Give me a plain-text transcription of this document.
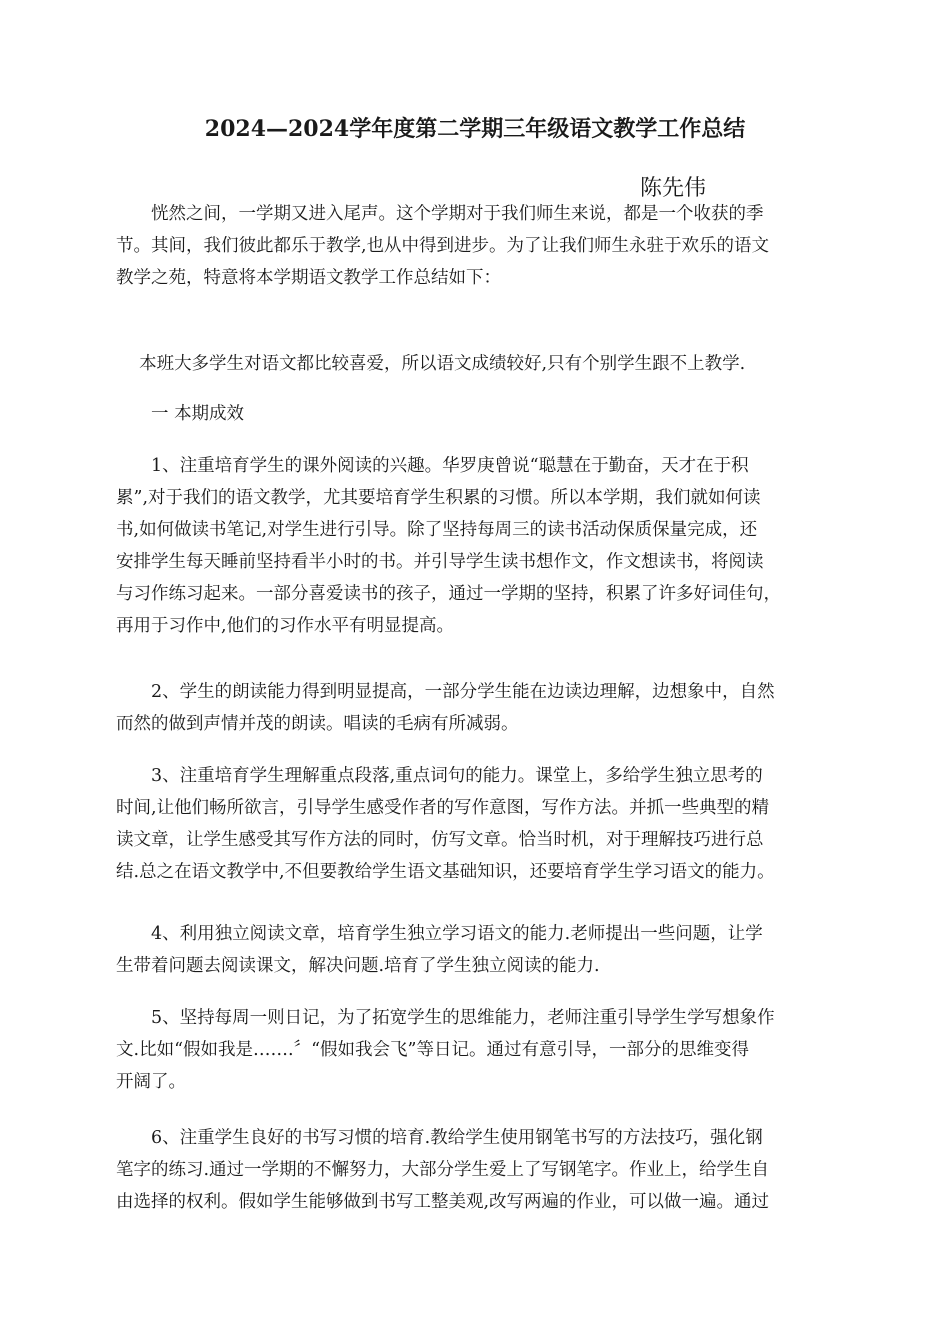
2024—2024学年度第二学期三年级语文教学工作总结
陈先伟
　　恍然之间，一学期又进入尾声。这个学期对于我们师生来说，都是一个收获的季
节。其间，我们彼此都乐于教学,也从中得到进步。为了让我们师生永驻于欢乐的语文
教学之苑，特意将本学期语文教学工作总结如下：
　 本班大多学生对语文都比较喜爱，所以语文成绩较好,只有个别学生跟不上教学.
　　一 本期成效
　　1、注重培育学生的课外阅读的兴趣。华罗庚曾说“聪慧在于勤奋，天才在于积
累”,对于我们的语文教学，尤其要培育学生积累的习惯。所以本学期，我们就如何读
书,如何做读书笔记,对学生进行引导。除了坚持每周三的读书活动保质保量完成，还
安排学生每天睡前坚持看半小时的书。并引导学生读书想作文，作文想读书，将阅读
与习作练习起来。一部分喜爱读书的孩子，通过一学期的坚持，积累了许多好词佳句，
再用于习作中,他们的习作水平有明显提高。
　　2、学生的朗读能力得到明显提高，一部分学生能在边读边理解，边想象中，自然
而然的做到声情并茂的朗读。唱读的毛病有所减弱。
　　3、注重培育学生理解重点段落,重点词句的能力。课堂上，多给学生独立思考的
时间,让他们畅所欲言，引导学生感受作者的写作意图，写作方法。并抓一些典型的精
读文章，让学生感受其写作方法的同时，仿写文章。恰当时机，对于理解技巧进行总
结.总之在语文教学中,不但要教给学生语文基础知识，还要培育学生学习语文的能力。
　　4、利用独立阅读文章，培育学生独立学习语文的能力.老师提出一些问题，让学
生带着问题去阅读课文，解决问题.培育了学生独立阅读的能力.
　　5、坚持每周一则日记，为了拓宽学生的思维能力，老师注重引导学生学写想象作
文.比如“假如我是…….〞“假如我会飞”等日记。通过有意引导，一部分的思维变得
开阔了。
　　6、注重学生良好的书写习惯的培育.教给学生使用钢笔书写的方法技巧，强化钢
笔字的练习.通过一学期的不懈努力，大部分学生爱上了写钢笔字。作业上，给学生自
由选择的权利。假如学生能够做到书写工整美观,改写两遍的作业，可以做一遍。通过
